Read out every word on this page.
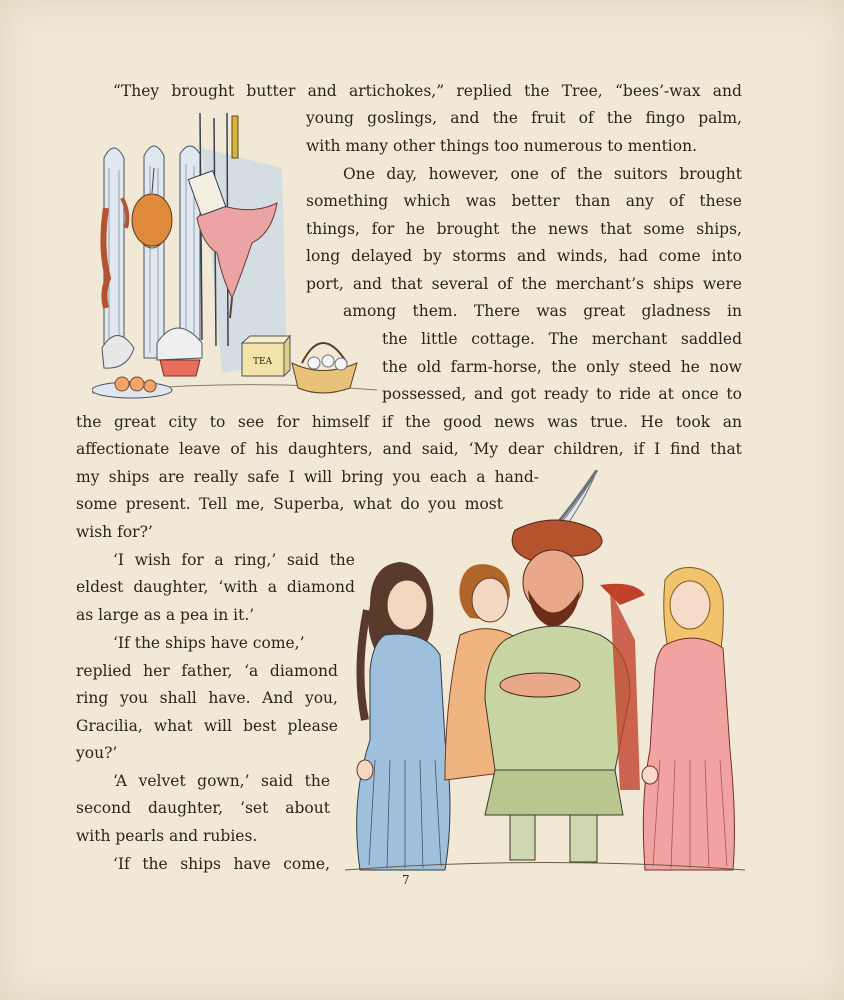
TEA
“They brought butter and artichokes,” replied the Tree, “bees’-wax and
young goslings, and the fruit of the fingo palm,
with many other things too numerous to mention.
One day, however, one of the suitors brought
something which was better than any of these
things, for he brought the news that some ships,
long delayed by storms and winds, had come into
port, and that several of the merchant’s ships were
among them. There was great gladness in
the little cottage. The merchant saddled
the old farm-horse, the only steed he now
possessed, and got ready to ride at once to
the great city to see for himself if the good news was true. He took an
affectionate leave of his daughters, and said, ‘My dear children, if I find that
my ships are really safe I will bring you each a hand-
some present. Tell me, Superba, what do you most
wish for?’
‘I wish for a ring,’ said the
eldest daughter, ‘with a diamond
as large as a pea in it.’
‘If the ships have come,’
replied her father, ‘a diamond
ring you shall have. And you,
Gracilia, what will best please
you?’
‘A velvet gown,’ said the
second daughter, ‘set about
with pearls and rubies.
‘If the ships have come,
7
